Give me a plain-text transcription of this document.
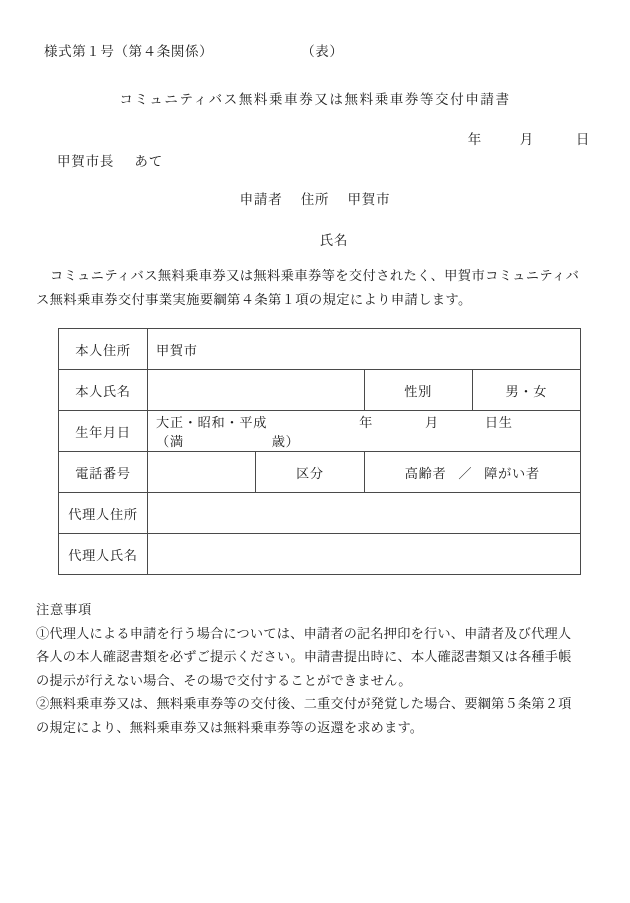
様式第１号（第４条関係）	（表）
コミュニティバス無料乗車券又は無料乗車券等交付申請書
年	月	日
甲賀市長 あて
申請者 住所 甲賀市
氏名
コミュニティバス無料乗車券又は無料乗車券等を交付されたく、甲賀市コミュニティバ
ス無料乗車券交付事業実施要綱第４条第１項の規定により申請します。
本人住所	甲賀市			
本人氏名			性別	男・女
生年月日	大正・昭和・平成 年 月 日生（満 歳）			
電話番号		区分	高齢者 ／ 障がい者	
代理人住所				
代理人氏名				
注意事項
①代理人による申請を行う場合については、申請者の記名押印を行い、申請者及び代理人
各人の本人確認書類を必ずご提示ください。申請書提出時に、本人確認書類又は各種手帳
の提示が行えない場合、その場で交付することができません。
②無料乗車券又は、無料乗車券等の交付後、二重交付が発覚した場合、要綱第５条第２項
の規定により、無料乗車券又は無料乗車券等の返還を求めます。
